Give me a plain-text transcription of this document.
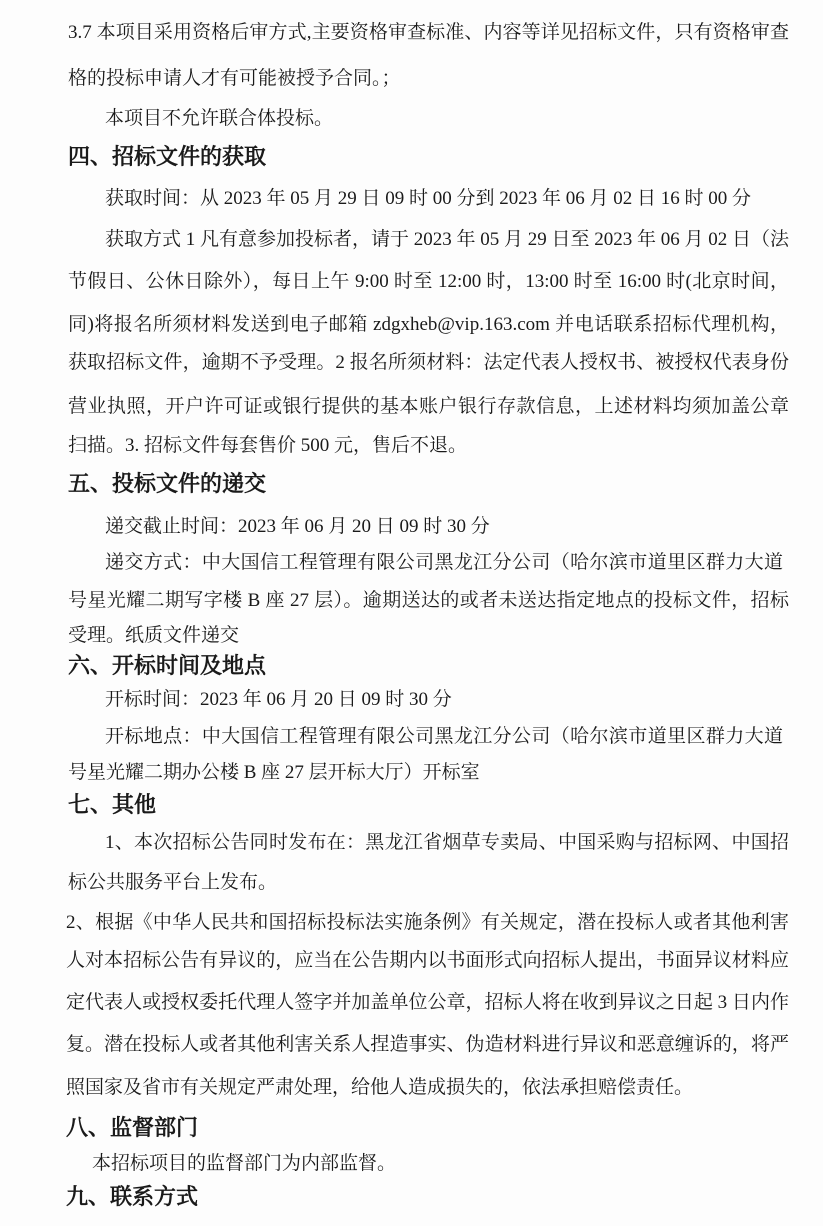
3.7 本项目采用资格后审方式,主要资格审查标准、内容等详见招标文件，只有资格审查
格的投标申请人才有可能被授予合同。；
本项目不允许联合体投标。
四、招标文件的获取
获取时间：从 2023 年 05 月 29 日 09 时 00 分到 2023 年 06 月 02 日 16 时 00 分
获取方式 1 凡有意参加投标者，请于 2023 年 05 月 29 日至 2023 年 06 月 02 日（法
节假日、公休日除外），每日上午 9:00 时至 12:00 时，13:00 时至 16:00 时(北京时间，
同)将报名所须材料发送到电子邮箱 zdgxheb@vip.163.com 并电话联系招标代理机构，
获取招标文件，逾期不予受理。2 报名所须材料：法定代表人授权书、被授权代表身份
营业执照，开户许可证或银行提供的基本账户银行存款信息，上述材料均须加盖公章
扫描。3. 招标文件每套售价 500 元，售后不退。
五、投标文件的递交
递交截止时间：2023 年 06 月 20 日 09 时 30 分
递交方式：中大国信工程管理有限公司黑龙江分公司（哈尔滨市道里区群力大道
号星光耀二期写字楼 B 座 27 层）。逾期送达的或者未送达指定地点的投标文件，招标
受理。纸质文件递交
六、开标时间及地点
开标时间：2023 年 06 月 20 日 09 时 30 分
开标地点：中大国信工程管理有限公司黑龙江分公司（哈尔滨市道里区群力大道
号星光耀二期办公楼 B 座 27 层开标大厅）开标室
七、其他
1、本次招标公告同时发布在：黑龙江省烟草专卖局、中国采购与招标网、中国招
标公共服务平台上发布。
2、根据《中华人民共和国招标投标法实施条例》有关规定，潜在投标人或者其他利害
人对本招标公告有异议的，应当在公告期内以书面形式向招标人提出，书面异议材料应
定代表人或授权委托代理人签字并加盖单位公章，招标人将在收到异议之日起 3 日内作
复。潜在投标人或者其他利害关系人捏造事实、伪造材料进行异议和恶意缠诉的，将严
照国家及省市有关规定严肃处理，给他人造成损失的，依法承担赔偿责任。
八、监督部门
本招标项目的监督部门为内部监督。
九、联系方式
